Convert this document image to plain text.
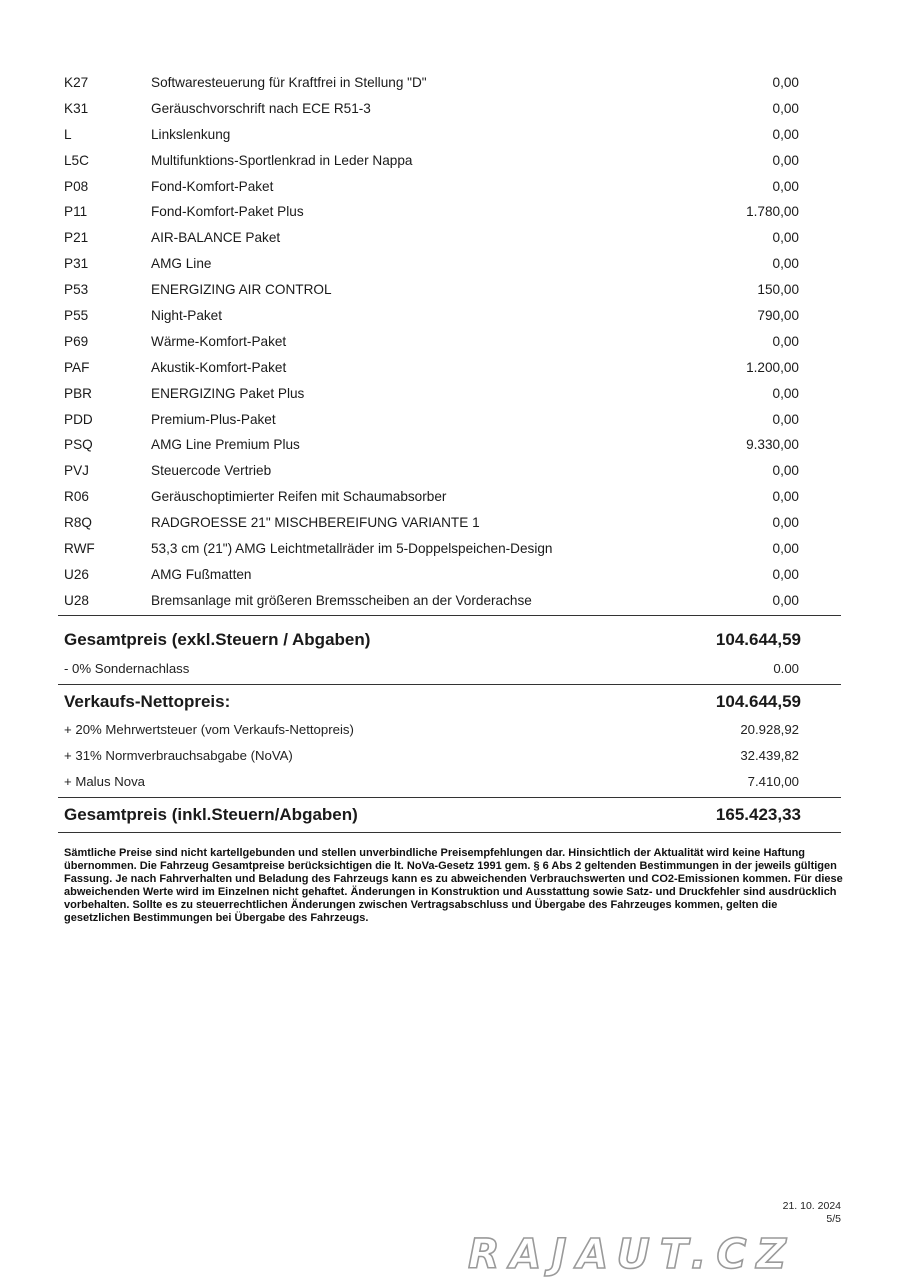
K27	Softwaresteuerung für Kraftfrei in Stellung "D"	0,00
K31	Geräuschvorschrift nach ECE R51-3	0,00
L	Linkslenkung	0,00
L5C	Multifunktions-Sportlenkrad in Leder Nappa	0,00
P08	Fond-Komfort-Paket	0,00
P11	Fond-Komfort-Paket Plus	1.780,00
P21	AIR-BALANCE Paket	0,00
P31	AMG Line	0,00
P53	ENERGIZING AIR CONTROL	150,00
P55	Night-Paket	790,00
P69	Wärme-Komfort-Paket	0,00
PAF	Akustik-Komfort-Paket	1.200,00
PBR	ENERGIZING Paket Plus	0,00
PDD	Premium-Plus-Paket	0,00
PSQ	AMG Line Premium Plus	9.330,00
PVJ	Steuercode Vertrieb	0,00
R06	Geräuschoptimierter Reifen mit Schaumabsorber	0,00
R8Q	RADGROESSE 21" MISCHBEREIFUNG VARIANTE 1	0,00
RWF	53,3 cm (21") AMG Leichtmetallräder im 5-Doppelspeichen-Design	0,00
U26	AMG Fußmatten	0,00
U28	Bremsanlage mit größeren Bremsscheiben an der Vorderachse	0,00
Gesamtpreis (exkl.Steuern / Abgaben)	104.644,59
- 0% Sondernachlass	0.00
Verkaufs-Nettopreis:	104.644,59
+ 20% Mehrwertsteuer (vom Verkaufs-Nettopreis)	20.928,92
+ 31% Normverbrauchsabgabe (NoVA)	32.439,82
+ Malus Nova	7.410,00
Gesamtpreis (inkl.Steuern/Abgaben)	165.423,33
Sämtliche Preise sind nicht kartellgebunden und stellen unverbindliche Preisempfehlungen dar. Hinsichtlich der Aktualität wird keine Haftung übernommen. Die Fahrzeug Gesamtpreise berücksichtigen die lt. NoVa-Gesetz 1991 gem. § 6 Abs 2 geltenden Bestimmungen in der jeweils gültigen Fassung. Je nach Fahrverhalten und Beladung des Fahrzeugs kann es zu abweichenden Verbrauchswerten und CO2-Emissionen kommen. Für diese abweichenden Werte wird im Einzelnen nicht gehaftet. Änderungen in Konstruktion und Ausstattung sowie Satz- und Druckfehler sind ausdrücklich vorbehalten. Sollte es zu steuerrechtlichen Änderungen zwischen Vertragsabschluss und Übergabe des Fahrzeuges kommen, gelten die gesetzlichen Bestimmungen bei Übergabe des Fahrzeugs.
21. 10. 2024
5/5
RAJAUT.CZ
